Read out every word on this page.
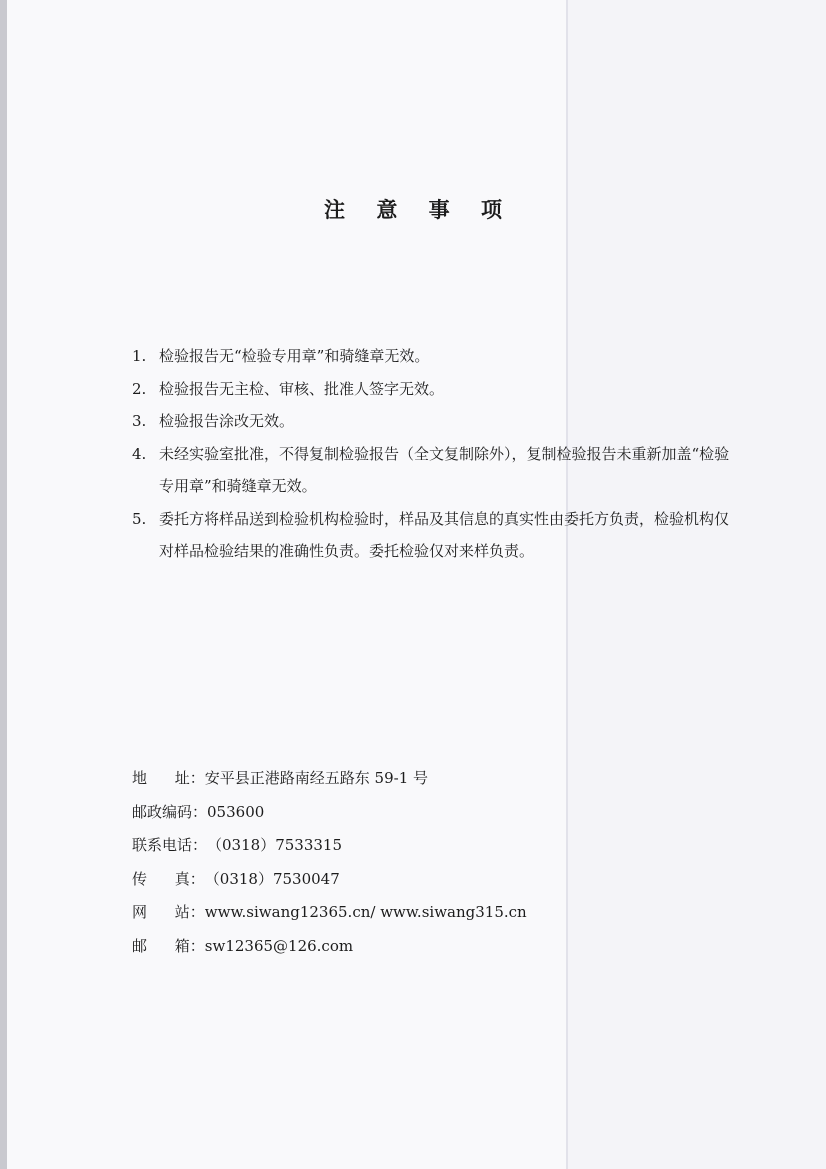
注 意 事 项
1. 检验报告无“检验专用章”和骑缝章无效。
2. 检验报告无主检、审核、批准人签字无效。
3. 检验报告涂改无效。
4. 未经实验室批准，不得复制检验报告（全文复制除外），复制检验报告未重新加盖“检验专用章”和骑缝章无效。
5. 委托方将样品送到检验机构检验时，样品及其信息的真实性由委托方负责，检验机构仅对样品检验结果的准确性负责。委托检验仅对来样负责。
地址： 安平县正港路南经五路东 59-1 号
邮政编码： 053600
联系电话： （0318）7533315
传真： （0318）7530047
网站： www.siwang12365.cn/ www.siwang315.cn
邮箱： sw12365@126.com
